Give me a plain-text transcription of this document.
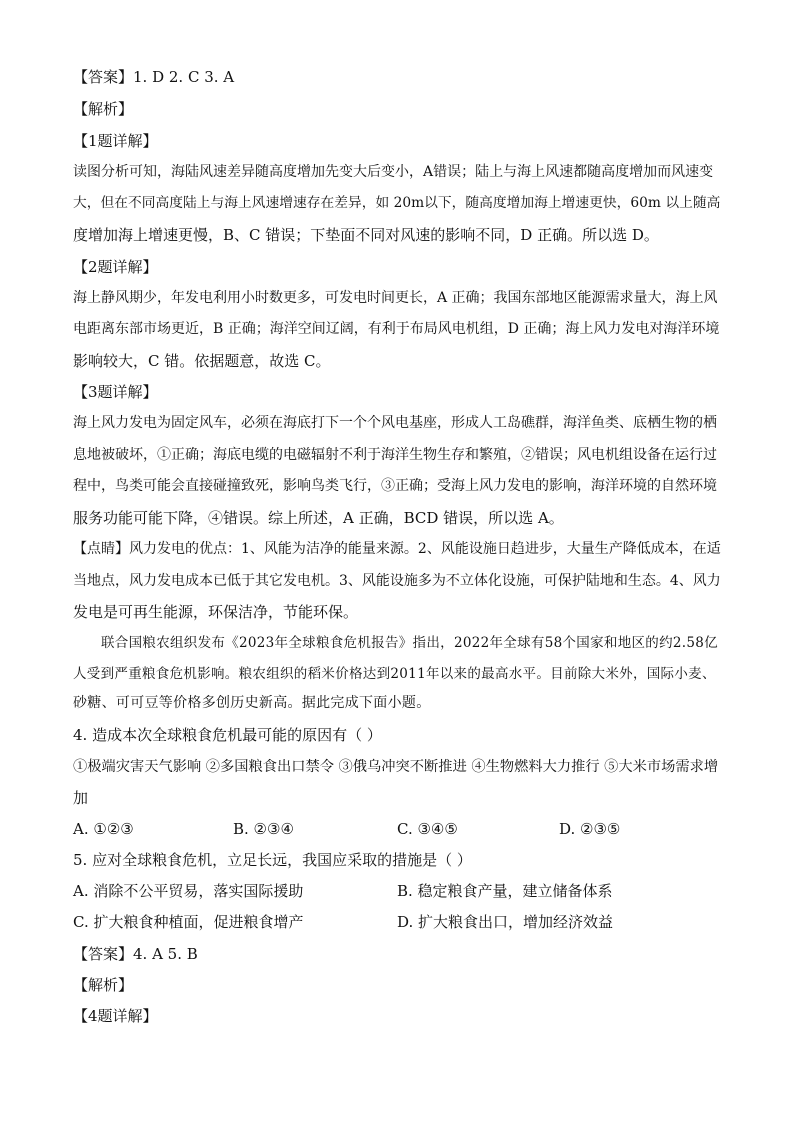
【答案】1. D 2. C 3. A
【解析】
【1题详解】
读图分析可知，海陆风速差异随高度增加先变大后变小，A错误；陆上与海上风速都随高度增加而风速变
大，但在不同高度陆上与海上风速增速存在差异，如 20m以下，随高度增加海上增速更快，60m 以上随高
度增加海上增速更慢，B、C 错误；下垫面不同对风速的影响不同，D 正确。所以选 D。
【2题详解】
海上静风期少，年发电利用小时数更多，可发电时间更长，A 正确；我国东部地区能源需求量大，海上风
电距离东部市场更近，B 正确；海洋空间辽阔，有利于布局风电机组，D 正确；海上风力发电对海洋环境
影响较大，C 错。依据题意，故选 C。
【3题详解】
海上风力发电为固定风车，必须在海底打下一个个风电基座，形成人工岛礁群，海洋鱼类、底栖生物的栖
息地被破坏，①正确；海底电缆的电磁辐射不利于海洋生物生存和繁殖，②错误；风电机组设备在运行过
程中，鸟类可能会直接碰撞致死，影响鸟类飞行，③正确；受海上风力发电的影响，海洋环境的自然环境
服务功能可能下降，④错误。综上所述，A 正确，BCD 错误，所以选 A。
【点睛】风力发电的优点：1、风能为洁净的能量来源。2、风能设施日趋进步，大量生产降低成本，在适
当地点，风力发电成本已低于其它发电机。3、风能设施多为不立体化设施，可保护陆地和生态。4、风力
发电是可再生能源，环保洁净，节能环保。
联合国粮农组织发布《2023年全球粮食危机报告》指出，2022年全球有58个国家和地区的约2.58亿
人受到严重粮食危机影响。粮农组织的稻米价格达到2011年以来的最高水平。目前除大米外，国际小麦、
砂糖、可可豆等价格多创历史新高。据此完成下面小题。
4. 造成本次全球粮食危机最可能的原因有（ ）
①极端灾害天气影响 ②多国粮食出口禁令 ③俄乌冲突不断推进 ④生物燃料大力推行 ⑤大米市场需求增
加
A. ①②③	B. ②③④	C. ③④⑤	D. ②③⑤
5. 应对全球粮食危机，立足长远，我国应采取的措施是（ ）
A. 消除不公平贸易，落实国际援助	B. 稳定粮食产量，建立储备体系
C. 扩大粮食种植面，促进粮食增产	D. 扩大粮食出口，增加经济效益
【答案】4. A 5. B
【解析】
【4题详解】
